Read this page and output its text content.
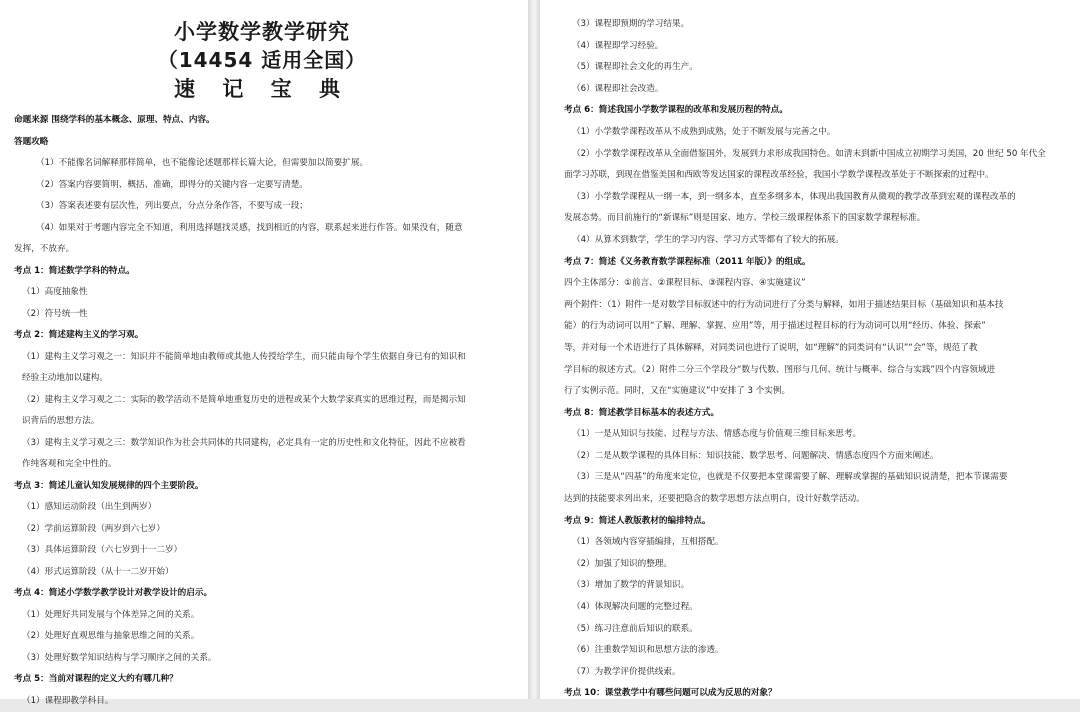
小学数学教学研究
（14454 适用全国）
速 记 宝 典
命题来源 围绕学科的基本概念、原理、特点、内容。
答题攻略
（1）不能像名词解释那样简单，也不能像论述题那样长篇大论，但需要加以简要扩展。
（2）答案内容要简明、概括、准确，即得分的关键内容一定要写清楚。
（3）答案表述要有层次性，列出要点，分点分条作答，不要写成一段；
（4）如果对于考题内容完全不知道，利用选择题找灵感，找到相近的内容，联系起来进行作答。如果没有，随意
发挥，不放弃。
考点 1：简述数学学科的特点。
（1）高度抽象性
（2）符号统一性
考点 2：简述建构主义的学习观。
（1）建构主义学习观之一：知识并不能简单地由教师或其他人传授给学生，而只能由每个学生依据自身已有的知识和
经验主动地加以建构。
（2）建构主义学习观之二：实际的教学活动不是简单地重复历史的进程或某个大数学家真实的思维过程，而是揭示知
识背后的思想方法。
（3）建构主义学习观之三：数学知识作为社会共同体的共同建构，必定具有一定的历史性和文化特征，因此不应被看
作纯客观和完全中性的。
考点 3：简述儿童认知发展规律的四个主要阶段。
（1）感知运动阶段（出生到两岁）
（2）学前运算阶段（两岁到六七岁）
（3）具体运算阶段（六七岁到十一二岁）
（4）形式运算阶段（从十一二岁开始）
考点 4：简述小学数学教学设计对教学设计的启示。
（1）处理好共同发展与个体差异之间的关系。
（2）处理好直观思维与抽象思维之间的关系。
（3）处理好数学知识结构与学习顺序之间的关系。
考点 5：当前对课程的定义大约有哪几种？
（1）课程即教学科目。
（3）课程即预期的学习结果。
（4）课程即学习经验。
（5）课程即社会文化的再生产。
（6）课程即社会改造。
考点 6：简述我国小学数学课程的改革和发展历程的特点。
（1）小学数学课程改革从不成熟到成熟，处于不断发展与完善之中。
（2）小学数学课程改革从全面借鉴国外，发展到力求形成我国特色。如清末到新中国成立初期学习美国，20 世纪 50 年代全
面学习苏联，到现在借鉴美国和西欧等发达国家的课程改革经验，我国小学数学课程改革处于不断探索的过程中。
（3）小学数学课程从一纲一本，到一纲多本，直至多纲多本，体现出我国教育从微观的教学改革到宏观的课程改革的
发展态势。而目前施行的“新课标”则是国家、地方、学校三级课程体系下的国家数学课程标准。
（4）从算术到数学，学生的学习内容、学习方式等都有了较大的拓展。
考点 7：简述《义务教育数学课程标准（2011 年版）》的组成。
四个主体部分：①前言、②课程目标、③课程内容、④实施建议”
两个附件：（1）附件一是对数学目标叙述中的行为动词进行了分类与解释，如用于描述结果目标（基础知识和基本技
能）的行为动词可以用“了解、理解、掌握、应用”等，用于描述过程目标的行为动词可以用“经历、体验、探索”
等，并对每一个术语进行了具体解释，对同类词也进行了说明，如“理解”的同类词有“认识”“会”等，规范了教
学目标的叙述方式。（2）附件二分三个学段分“数与代数、图形与几何、统计与概率、综合与实践”四个内容领域进
行了实例示范。同时，又在“实施建议”中安排了 3 个实例。
考点 8：简述教学目标基本的表述方式。
（1）一是从知识与技能、过程与方法、情感态度与价值观三维目标来思考。
（2）二是从数学课程的具体目标：知识技能、数学思考、问题解决、情感态度四个方面来阐述。
（3）三是从“四基”的角度来定位，也就是不仅要把本堂课需要了解、理解或掌握的基础知识说清楚，把本节课需要
达到的技能要求列出来，还要把隐含的数学思想方法点明白，设计好数学活动。
考点 9：简述人教版教材的编排特点。
（1）各领域内容穿插编排，互相搭配。
（2）加强了知识的整理。
（3）增加了数学的背景知识。
（4）体现解决问题的完整过程。
（5）练习注意前后知识的联系。
（6）注重数学知识和思想方法的渗透。
（7）为教学评价提供线索。
考点 10：课堂教学中有哪些问题可以成为反思的对象？
